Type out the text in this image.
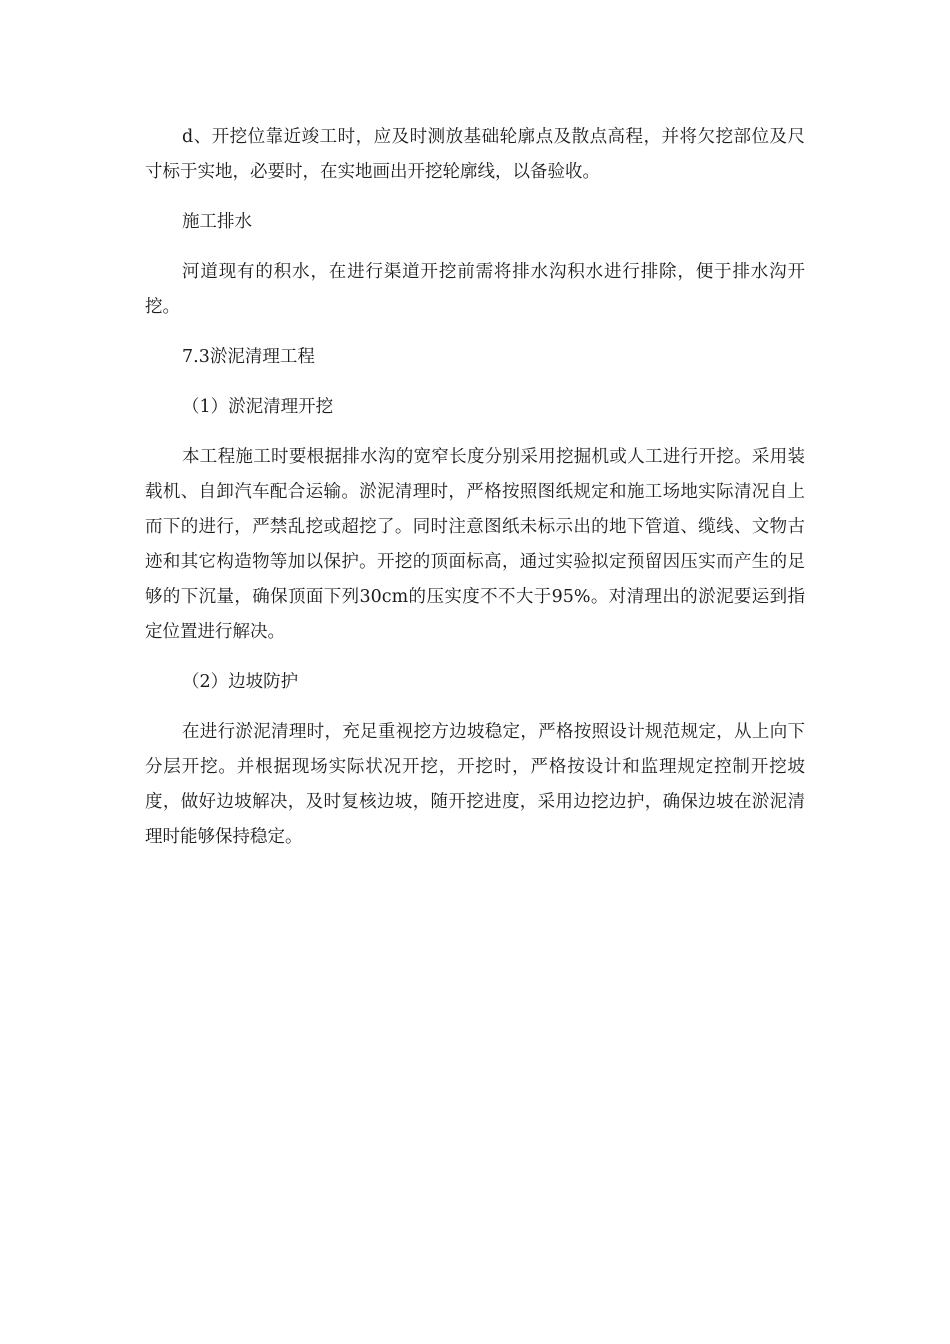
d、开挖位靠近竣工时，应及时测放基础轮廓点及散点高程，并将欠挖部位及尺寸标于实地，必要时，在实地画出开挖轮廓线，以备验收。

施工排水

河道现有的积水，在进行渠道开挖前需将排水沟积水进行排除，便于排水沟开挖。

7.3淤泥清理工程

（1）淤泥清理开挖

本工程施工时要根据排水沟的宽窄长度分别采用挖掘机或人工进行开挖。采用装载机、自卸汽车配合运输。淤泥清理时，严格按照图纸规定和施工场地实际清况自上而下的进行，严禁乱挖或超挖了。同时注意图纸未标示出的地下管道、缆线、文物古迹和其它构造物等加以保护。开挖的顶面标高，通过实验拟定预留因压实而产生的足够的下沉量，确保顶面下列30cm的压实度不不大于95%。对清理出的淤泥要运到指定位置进行解决。

（2）边坡防护

在进行淤泥清理时，充足重视挖方边坡稳定，严格按照设计规范规定，从上向下分层开挖。并根据现场实际状况开挖，开挖时，严格按设计和监理规定控制开挖坡度，做好边坡解决，及时复核边坡，随开挖进度，采用边挖边护，确保边坡在淤泥清理时能够保持稳定。
